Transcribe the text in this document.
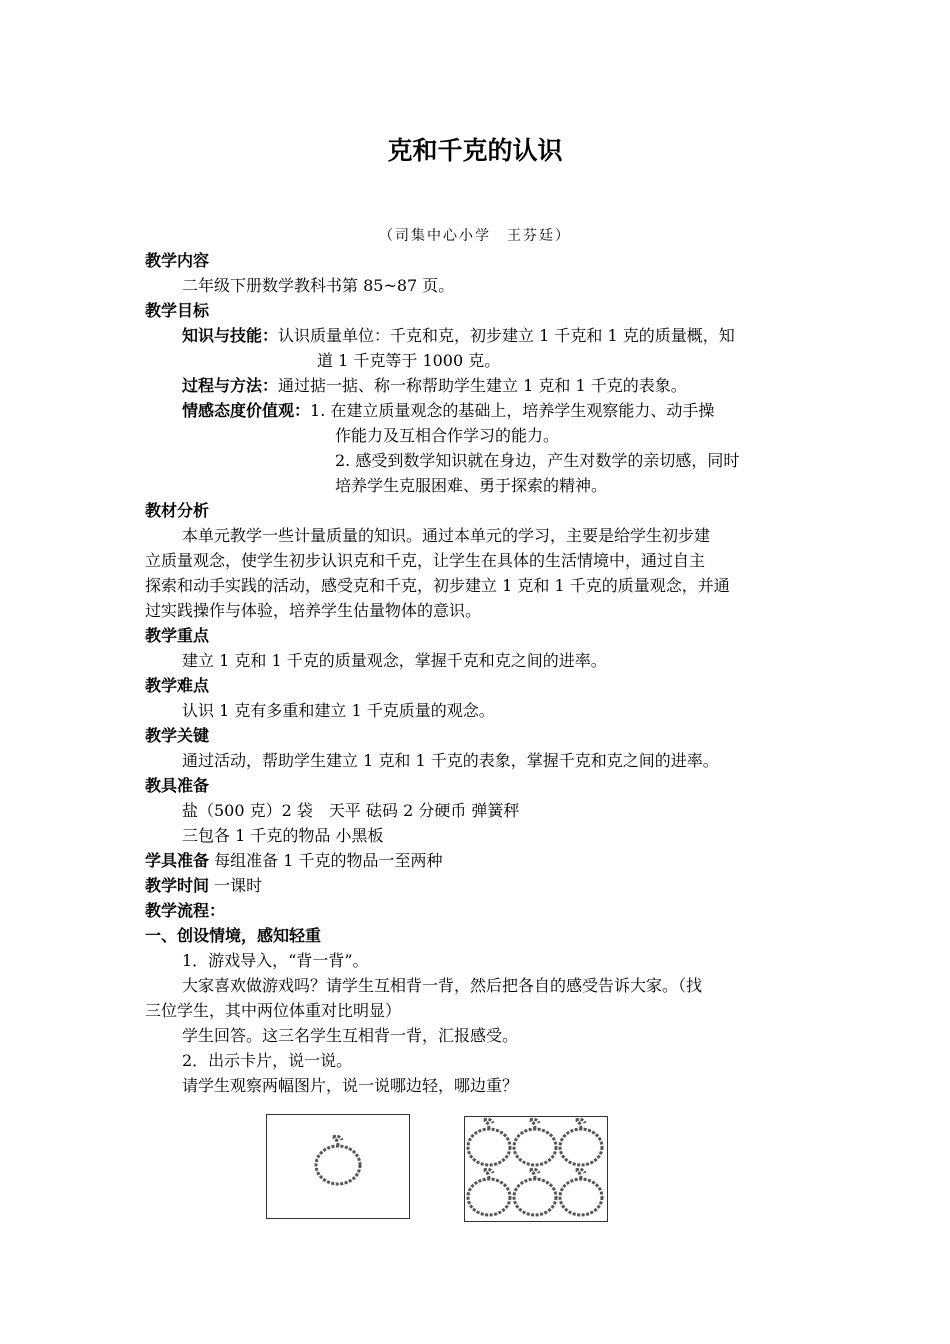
克和千克的认识
（司集中心小学　王芬廷）
教学内容
二年级下册数学教科书第 85~87 页。
教学目标
知识与技能：认识质量单位：千克和克，初步建立 1 千克和 1 克的质量概，知
道 1 千克等于 1000 克。
过程与方法：通过掂一掂、称一称帮助学生建立 1 克和 1 千克的表象。
情感态度价值观：1. 在建立质量观念的基础上，培养学生观察能力、动手操
作能力及互相合作学习的能力。
2. 感受到数学知识就在身边，产生对数学的亲切感，同时
培养学生克服困难、勇于探索的精神。
教材分析
本单元教学一些计量质量的知识。通过本单元的学习，主要是给学生初步建
立质量观念，使学生初步认识克和千克，让学生在具体的生活情境中，通过自主
探索和动手实践的活动，感受克和千克，初步建立 1 克和 1 千克的质量观念，并通
过实践操作与体验，培养学生估量物体的意识。
教学重点
建立 1 克和 1 千克的质量观念，掌握千克和克之间的进率。
教学难点
认识 1 克有多重和建立 1 千克质量的观念。
教学关键
通过活动，帮助学生建立 1 克和 1 千克的表象，掌握千克和克之间的进率。
教具准备
盐（500 克）2 袋　天平 砝码 2 分硬币 弹簧秤
三包各 1 千克的物品 小黑板
学具准备 每组准备 1 千克的物品一至两种
教学时间 一课时
教学流程：
一、创设情境，感知轻重
1．游戏导入，“背一背”。
大家喜欢做游戏吗？请学生互相背一背，然后把各自的感受告诉大家。（找
三位学生，其中两位体重对比明显）
学生回答。这三名学生互相背一背，汇报感受。
2．出示卡片，说一说。
请学生观察两幅图片，说一说哪边轻，哪边重？
